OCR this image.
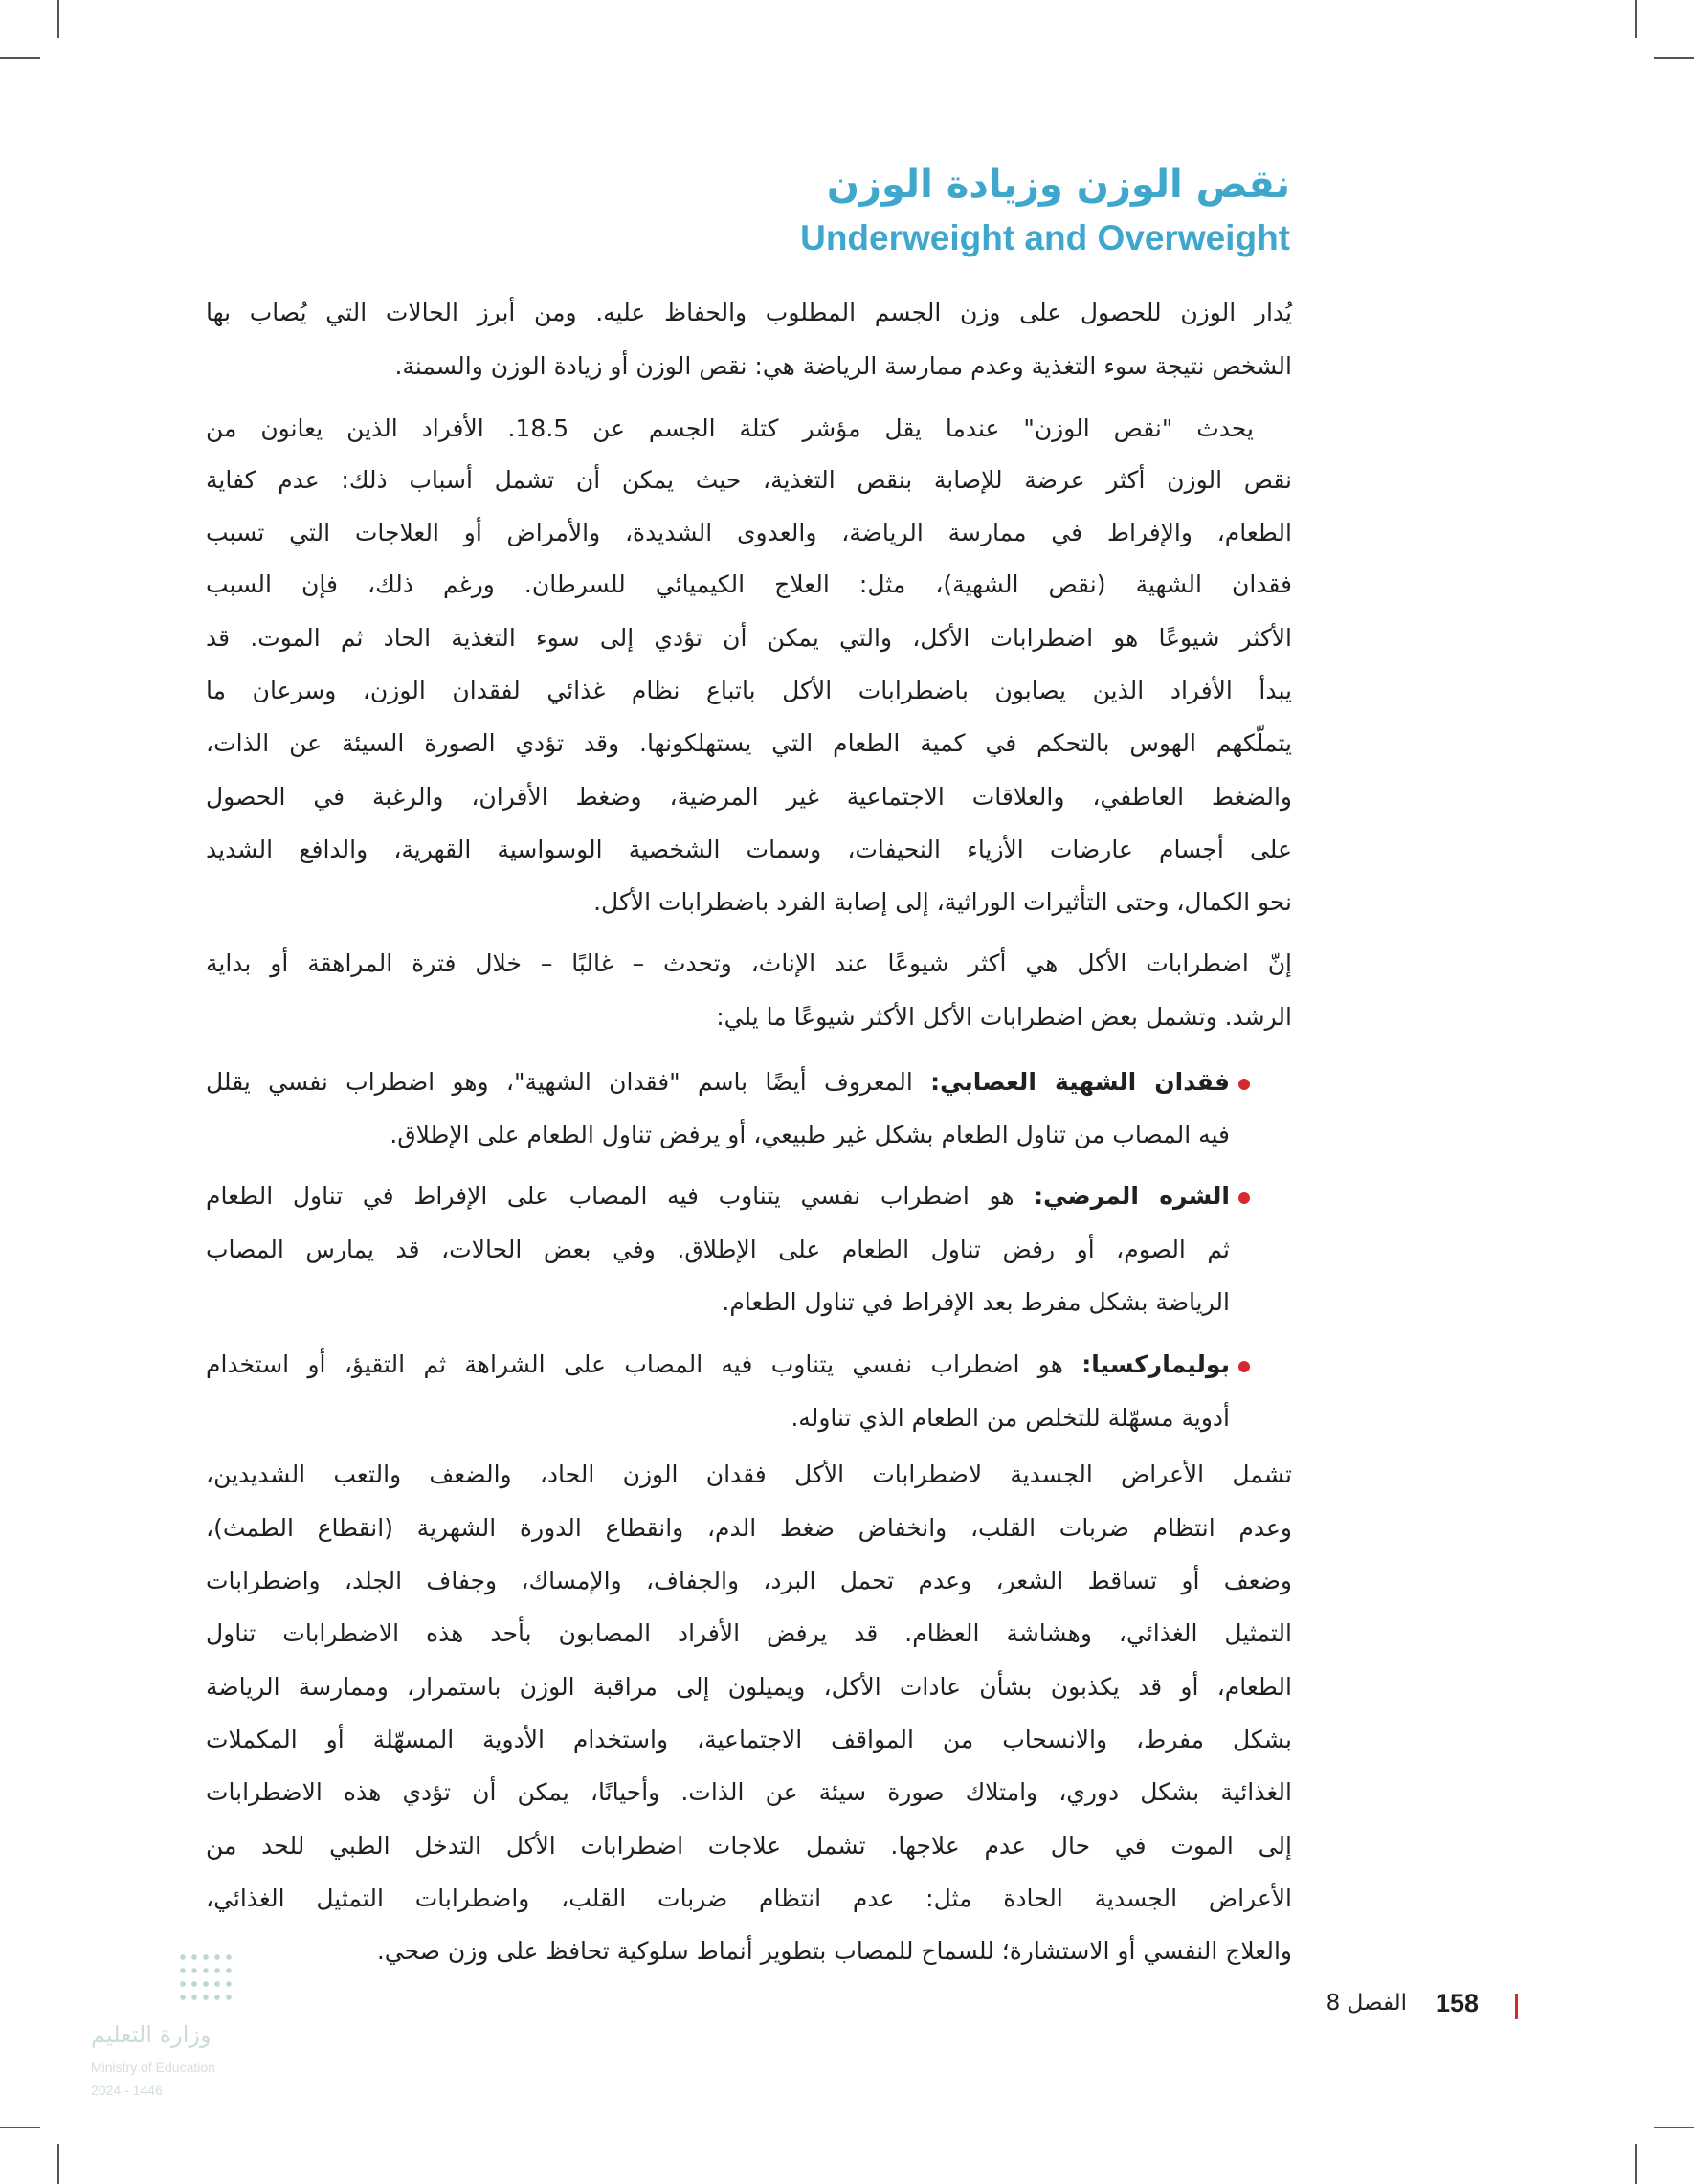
نقص الوزن وزيادة الوزن
Underweight and Overweight
يُدار الوزن للحصول على وزن الجسم المطلوب والحفاظ عليه. ومن أبرز الحالات التي يُصاب بها
الشخص نتيجة سوء التغذية وعدم ممارسة الرياضة هي: نقص الوزن أو زيادة الوزن والسمنة.
يحدث "نقص الوزن" عندما يقل مؤشر كتلة الجسم عن 18.5. الأفراد الذين يعانون من
نقص الوزن أكثر عرضة للإصابة بنقص التغذية، حيث يمكن أن تشمل أسباب ذلك: عدم كفاية
الطعام، والإفراط في ممارسة الرياضة، والعدوى الشديدة، والأمراض أو العلاجات التي تسبب
فقدان الشهية (نقص الشهية)، مثل: العلاج الكيميائي للسرطان. ورغم ذلك، فإن السبب
الأكثر شيوعًا هو اضطرابات الأكل، والتي يمكن أن تؤدي إلى سوء التغذية الحاد ثم الموت. قد
يبدأ الأفراد الذين يصابون باضطرابات الأكل باتباع نظام غذائي لفقدان الوزن، وسرعان ما
يتملّكهم الهوس بالتحكم في كمية الطعام التي يستهلكونها. وقد تؤدي الصورة السيئة عن الذات،
والضغط العاطفي، والعلاقات الاجتماعية غير المرضية، وضغط الأقران، والرغبة في الحصول
على أجسام عارضات الأزياء النحيفات، وسمات الشخصية الوسواسية القهرية، والدافع الشديد
نحو الكمال، وحتى التأثيرات الوراثية، إلى إصابة الفرد باضطرابات الأكل.
إنّ اضطرابات الأكل هي أكثر شيوعًا عند الإناث، وتحدث – غالبًا – خلال فترة المراهقة أو بداية
الرشد. وتشمل بعض اضطرابات الأكل الأكثر شيوعًا ما يلي:
فقدان الشهية العصابي: المعروف أيضًا باسم "فقدان الشهية"، وهو اضطراب نفسي يقلل
فيه المصاب من تناول الطعام بشكل غير طبيعي، أو يرفض تناول الطعام على الإطلاق.
الشره المرضي: هو اضطراب نفسي يتناوب فيه المصاب على الإفراط في تناول الطعام
ثم الصوم، أو رفض تناول الطعام على الإطلاق. وفي بعض الحالات، قد يمارس المصاب
الرياضة بشكل مفرط بعد الإفراط في تناول الطعام.
بوليماركسيا: هو اضطراب نفسي يتناوب فيه المصاب على الشراهة ثم التقيؤ، أو استخدام
أدوية مسهّلة للتخلص من الطعام الذي تناوله.
تشمل الأعراض الجسدية لاضطرابات الأكل فقدان الوزن الحاد، والضعف والتعب الشديدين،
وعدم انتظام ضربات القلب، وانخفاض ضغط الدم، وانقطاع الدورة الشهرية (انقطاع الطمث)،
وضعف أو تساقط الشعر، وعدم تحمل البرد، والجفاف، والإمساك، وجفاف الجلد، واضطرابات
التمثيل الغذائي، وهشاشة العظام. قد يرفض الأفراد المصابون بأحد هذه الاضطرابات تناول
الطعام، أو قد يكذبون بشأن عادات الأكل، ويميلون إلى مراقبة الوزن باستمرار، وممارسة الرياضة
بشكل مفرط، والانسحاب من المواقف الاجتماعية، واستخدام الأدوية المسهّلة أو المكملات
الغذائية بشكل دوري، وامتلاك صورة سيئة عن الذات. وأحيانًا، يمكن أن تؤدي هذه الاضطرابات
إلى الموت في حال عدم علاجها. تشمل علاجات اضطرابات الأكل التدخل الطبي للحد من
الأعراض الجسدية الحادة مثل: عدم انتظام ضربات القلب، واضطرابات التمثيل الغذائي،
والعلاج النفسي أو الاستشارة؛ للسماح للمصاب بتطوير أنماط سلوكية تحافظ على وزن صحي.
158
الفصل 8
وزارة التعليم
Ministry of Education
2024 - 1446
